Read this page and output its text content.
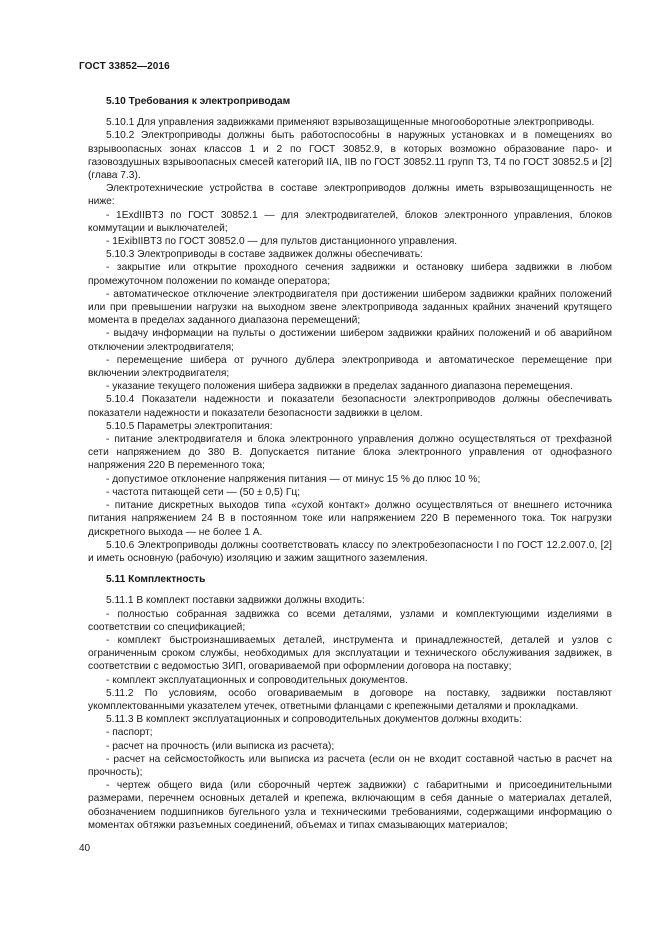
ГОСТ 33852—2016
5.10 Требования к электроприводам

5.10.1 Для управления задвижками применяют взрывозащищенные многооборотные электроприводы.

5.10.2 Электроприводы должны быть работоспособны в наружных установках и в помещениях во взрывоопасных зонах классов 1 и 2 по ГОСТ 30852.9, в которых возможно образование паро- и газовоздушных взрывоопасных смесей категорий IIA, IIB по ГОСТ 30852.11 групп Т3, Т4 по ГОСТ 30852.5 и [2] (глава 7.3).

Электротехнические устройства в составе электроприводов должны иметь взрывозащищенность не ниже:

- 1ExdIIBT3 по ГОСТ 30852.1 — для электродвигателей, блоков электронного управления, блоков коммутации и выключателей;

- 1ExibIIBT3 по ГОСТ 30852.0 — для пультов дистанционного управления.

5.10.3 Электроприводы в составе задвижек должны обеспечивать:

- закрытие или открытие проходного сечения задвижки и остановку шибера задвижки в любом промежуточном положении по команде оператора;

- автоматическое отключение электродвигателя при достижении шибером задвижки крайних положений или при превышении нагрузки на выходном звене электропривода заданных крайних значений крутящего момента в пределах заданного диапазона перемещений;

- выдачу информации на пульты о достижении шибером задвижки крайних положений и об аварийном отключении электродвигателя;

- перемещение шибера от ручного дублера электропривода и автоматическое перемещение при включении электродвигателя;

- указание текущего положения шибера задвижки в пределах заданного диапазона перемещения.

5.10.4 Показатели надежности и показатели безопасности электроприводов должны обеспечивать показатели надежности и показатели безопасности задвижки в целом.

5.10.5 Параметры электропитания:

- питание электродвигателя и блока электронного управления должно осуществляться от трехфазной сети напряжением до 380 В. Допускается питание блока электронного управления от однофазного напряжения 220 В переменного тока;

- допустимое отклонение напряжения питания — от минус 15 % до плюс 10 %;

- частота питающей сети — (50 ± 0,5) Гц;

- питание дискретных выходов типа «сухой контакт» должно осуществляться от внешнего источника питания напряжением 24 В в постоянном токе или напряжением 220 В переменного тока. Ток нагрузки дискретного выхода — не более 1 А.

5.10.6 Электроприводы должны соответствовать классу по электробезопасности I по ГОСТ 12.2.007.0, [2] и иметь основную (рабочую) изоляцию и зажим защитного заземления.

5.11 Комплектность

5.11.1 В комплект поставки задвижки должны входить:

- полностью собранная задвижка со всеми деталями, узлами и комплектующими изделиями в соответствии со спецификацией;

- комплект быстроизнашиваемых деталей, инструмента и принадлежностей, деталей и узлов с ограниченным сроком службы, необходимых для эксплуатации и технического обслуживания задвижек, в соответствии с ведомостью ЗИП, оговариваемой при оформлении договора на поставку;

- комплект эксплуатационных и сопроводительных документов.

5.11.2 По условиям, особо оговариваемым в договоре на поставку, задвижки поставляют укомплектованными указателем утечек, ответными фланцами с крепежными деталями и прокладками.

5.11.3 В комплект эксплуатационных и сопроводительных документов должны входить:

- паспорт;

- расчет на прочность (или выписка из расчета);

- расчет на сейсмостойкость или выписка из расчета (если он не входит составной частью в расчет на прочность);

- чертеж общего вида (или сборочный чертеж задвижки) с габаритными и присоединительными размерами, перечнем основных деталей и крепежа, включающим в себя данные о материалах деталей, обозначением подшипников бугельного узла и техническими требованиями, содержащими информацию о моментах обтяжки разъемных соединений, объемах и типах смазывающих материалов;

40
